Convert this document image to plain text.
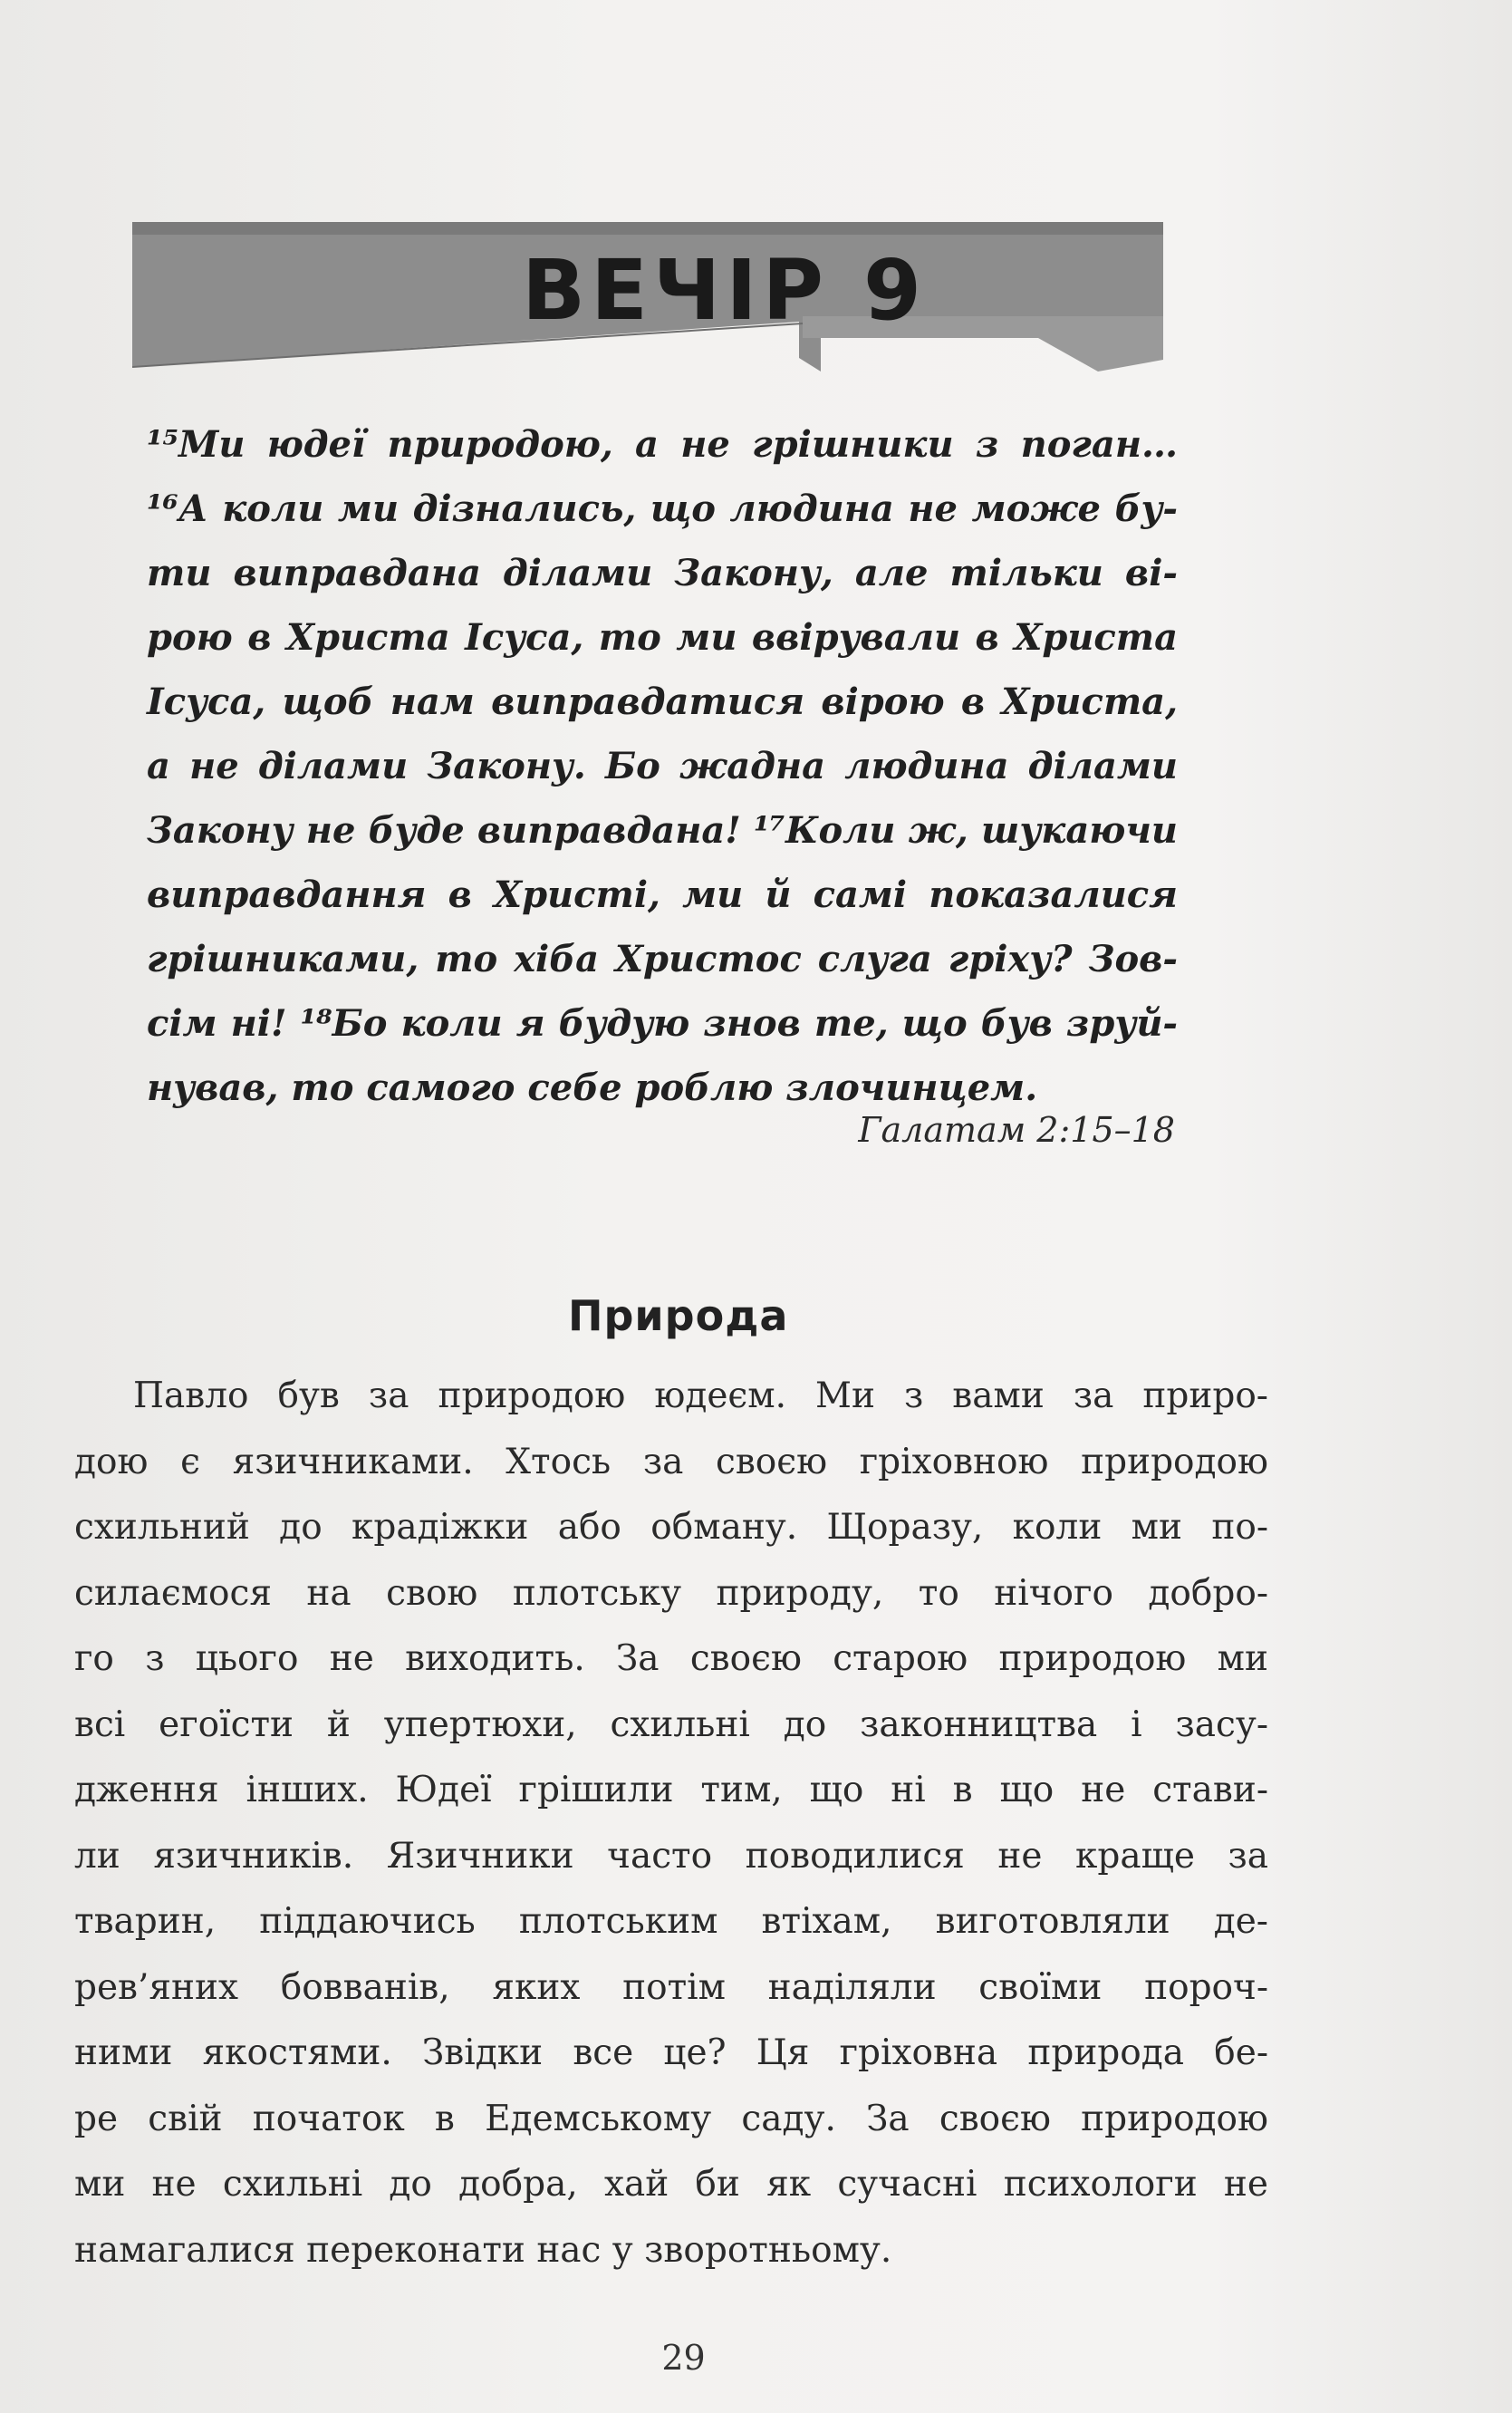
ВЕЧІР 9
¹⁵Ми юдеї природою, а не грішники з поган…
¹⁶А коли ми дізнались, що людина не може бу-
ти виправдана ділами Закону, але тільки ві-
рою в Христа Ісуса, то ми ввірували в Христа
Ісуса, щоб нам виправдатися вірою в Христа,
а не ділами Закону. Бо жадна людина ділами
Закону не буде виправдана! ¹⁷Коли ж, шукаючи
виправдання в Христі, ми й самі показалися
грішниками, то хіба Христос слуга гріху? Зов-
сім ні! ¹⁸Бо коли я будую знов те, що був зруй-
нував, то самого себе роблю злочинцем.
Галатам 2:15–18
Природа
Павло був за природою юдеєм. Ми з вами за приро-
дою є язичниками. Хтось за своєю гріховною природою
схильний до крадіжки або обману. Щоразу, коли ми по-
силаємося на свою плотську природу, то нічого добро-
го з цього не виходить. За своєю старою природою ми
всі егоїсти й упертюхи, схильні до законництва і засу-
дження інших. Юдеї грішили тим, що ні в що не стави-
ли язичників. Язичники часто поводилися не краще за
тварин, піддаючись плотським втіхам, виготовляли де-
рев’яних бовванів, яких потім наділяли своїми пороч-
ними якостями. Звідки все це? Ця гріховна природа бе-
ре свій початок в Едемському саду. За своєю природою
ми не схильні до добра, хай би як сучасні психологи не
намагалися переконати нас у зворотньому.
29
